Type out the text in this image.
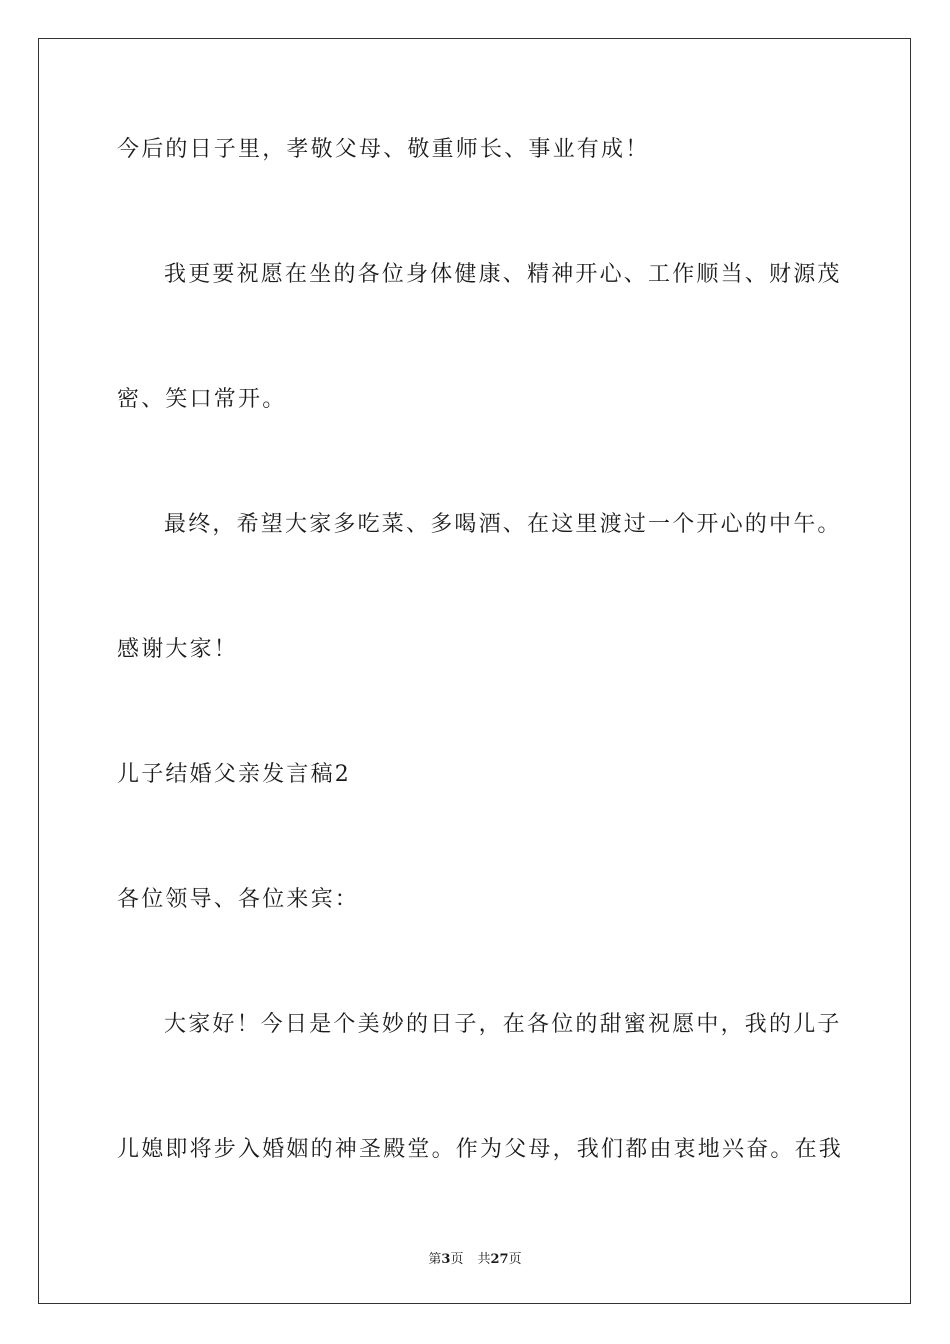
今后的日子里，孝敬父母、敬重师长、事业有成！
我更要祝愿在坐的各位身体健康、精神开心、工作顺当、财源茂
密、笑口常开。
最终，希望大家多吃菜、多喝酒、在这里渡过一个开心的中午。
感谢大家！
儿子结婚父亲发言稿2
各位领导、各位来宾：
大家好！今日是个美妙的日子，在各位的甜蜜祝愿中，我的儿子
儿媳即将步入婚姻的神圣殿堂。作为父母，我们都由衷地兴奋。在我
第3页 共27页
